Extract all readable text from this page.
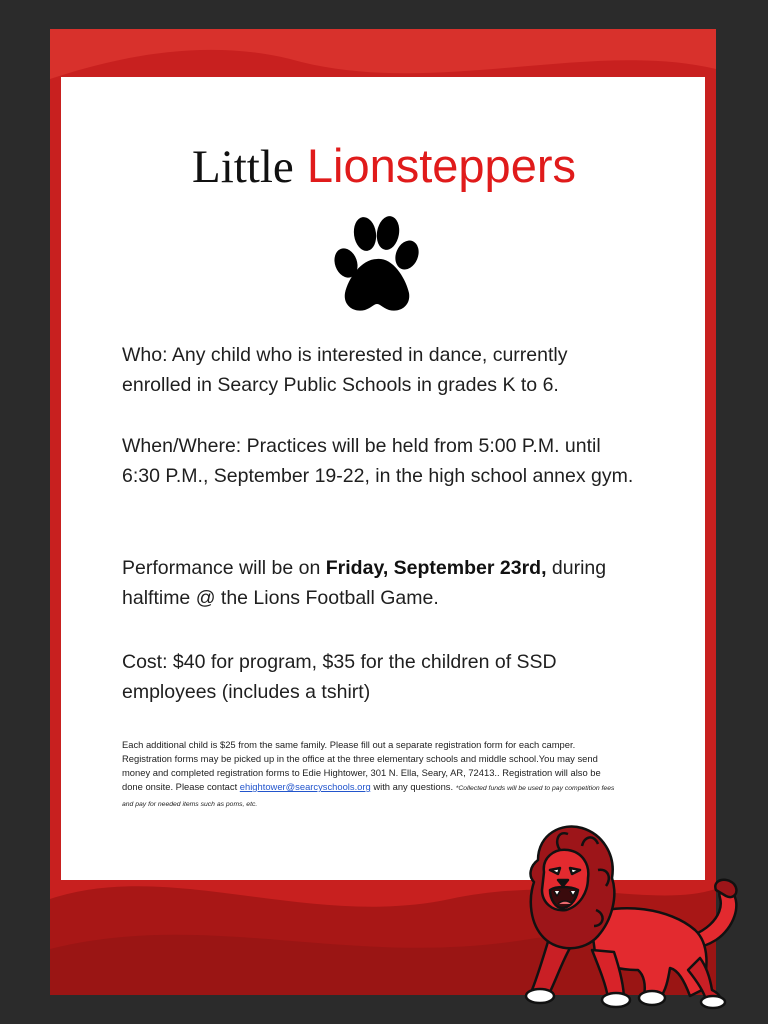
Little Lionsteppers
Who: Any child who is interested in dance, currently enrolled in Searcy Public Schools in grades K to 6.
When/Where: Practices will be held from 5:00 P.M. until 6:30 P.M., September 19-22, in the high school annex gym.
Performance will be on Friday, September 23rd, during halftime @ the Lions Football Game.
Cost: $40 for program, $35 for the children of SSD employees (includes a tshirt)
Each additional child is $25 from the same family. Please fill out a separate registration form for each camper. Registration forms may be picked up in the office at the three elementary schools and middle school.You may send money and completed registration forms to Edie Hightower, 301 N. Ella, Seary, AR, 72413.. Registration will also be done onsite. Please contact ehightower@searcyschools.org with any questions. *Collected funds will be used to pay competition fees and pay for needed items such as poms, etc.
